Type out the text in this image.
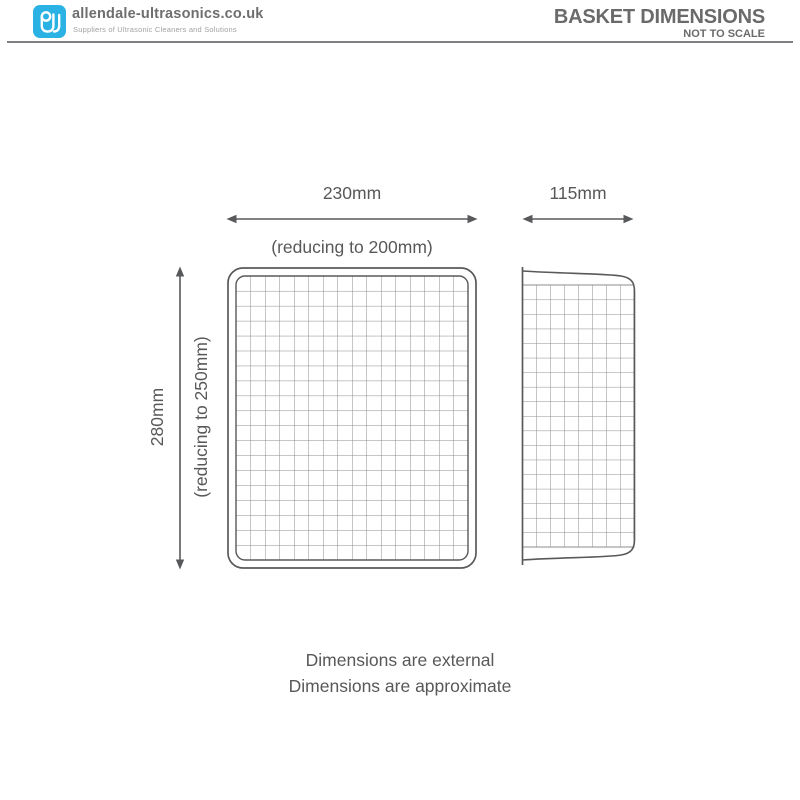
allendale-ultrasonics.co.uk
Suppliers of Ultrasonic Cleaners and Solutions
BASKET DIMENSIONS
NOT TO SCALE
230mm
(reducing to 200mm)
115mm
280mm (reducing to 250mm)
Dimensions are external
Dimensions are approximate
